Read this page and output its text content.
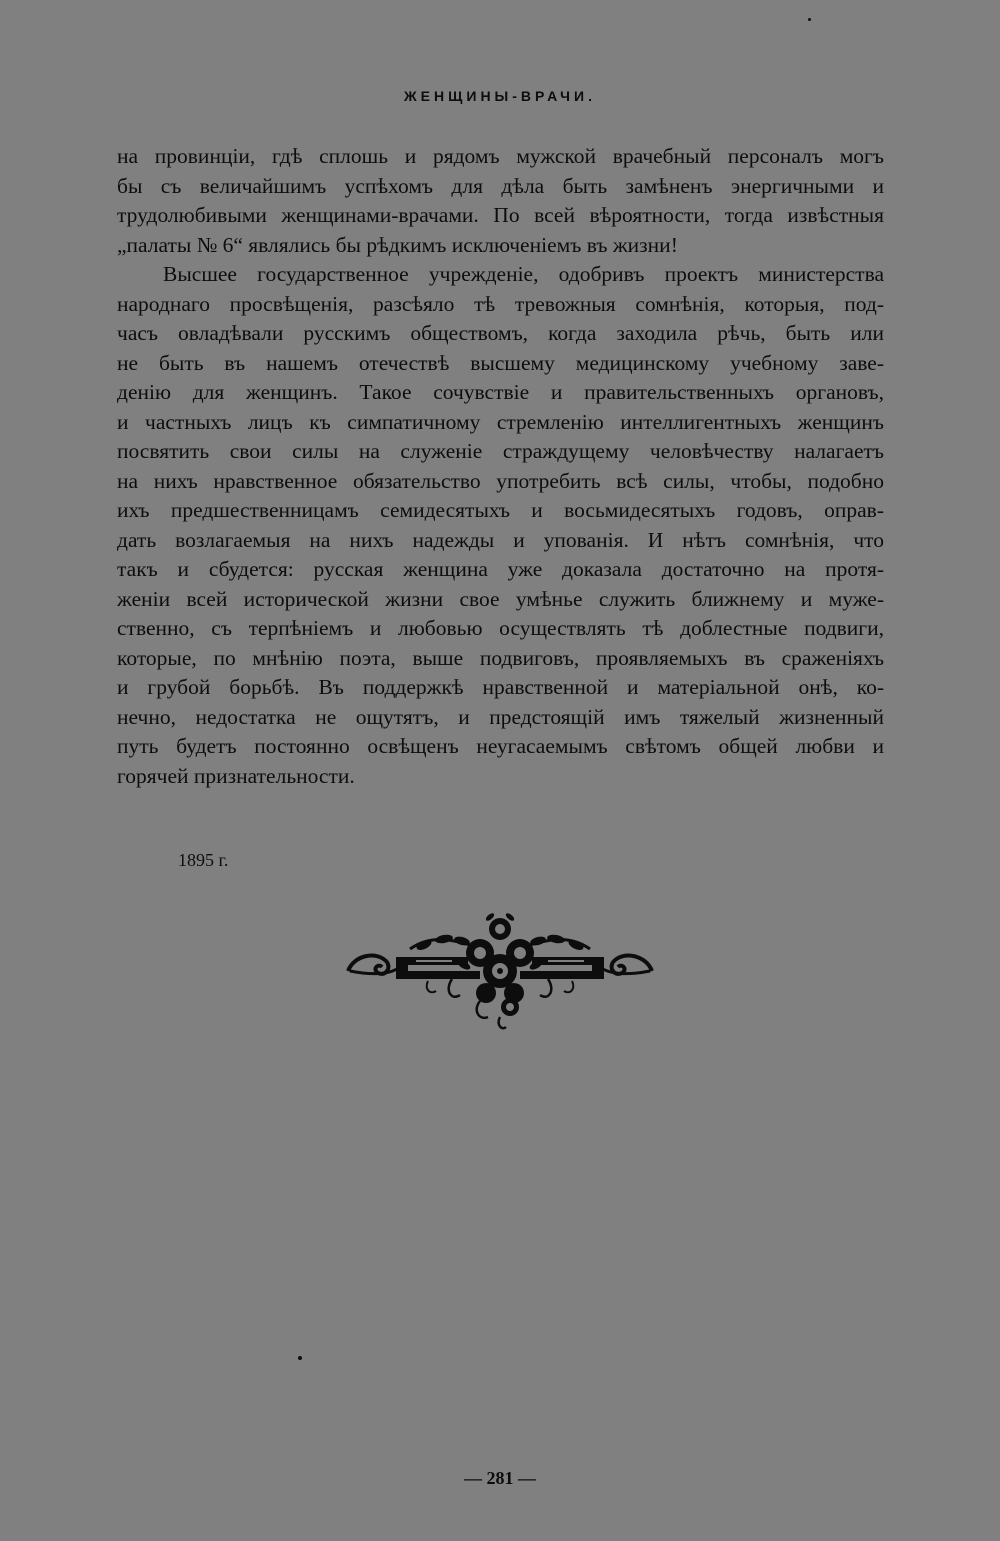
ЖЕНЩИНЫ-ВРАЧИ.
на провинціи, гдѣ сплошь и рядомъ мужской врачебный персоналъ могъ
бы съ величайшимъ успѣхомъ для дѣла быть замѣненъ энергичными и
трудолюбивыми женщинами-врачами. По всей вѣроятности, тогда извѣстныя
„палаты № 6“ являлись бы рѣдкимъ исключеніемъ въ жизни!
Высшее государственное учрежденіе, одобривъ проектъ министерства
народнаго просвѣщенія, разсѣяло тѣ тревожныя сомнѣнія, которыя, под-
часъ овладѣвали русскимъ обществомъ, когда заходила рѣчь, быть или
не быть въ нашемъ отечествѣ высшему медицинскому учебному заве-
денію для женщинъ. Такое сочувствіе и правительственныхъ органовъ,
и частныхъ лицъ къ симпатичному стремленію интеллигентныхъ женщинъ
посвятить свои силы на служеніе страждущему человѣчеству налагаетъ
на нихъ нравственное обязательство употребить всѣ силы, чтобы, подобно
ихъ предшественницамъ семидесятыхъ и восьмидесятыхъ годовъ, оправ-
дать возлагаемыя на нихъ надежды и упованія. И нѣтъ сомнѣнія, что
такъ и сбудется: русская женщина уже доказала достаточно на протя-
женіи всей исторической жизни свое умѣнье служить ближнему и муже-
ственно, съ терпѣніемъ и любовью осуществлять тѣ доблестные подвиги,
которые, по мнѣнію поэта, выше подвиговъ, проявляемыхъ въ сраженіяхъ
и грубой борьбѣ. Въ поддержкѣ нравственной и матеріальной онѣ, ко-
нечно, недостатка не ощутятъ, и предстоящій имъ тяжелый жизненный
путь будетъ постоянно освѣщенъ неугасаемымъ свѣтомъ общей любви и
горячей признательности.
1895 г.
— 281 —
